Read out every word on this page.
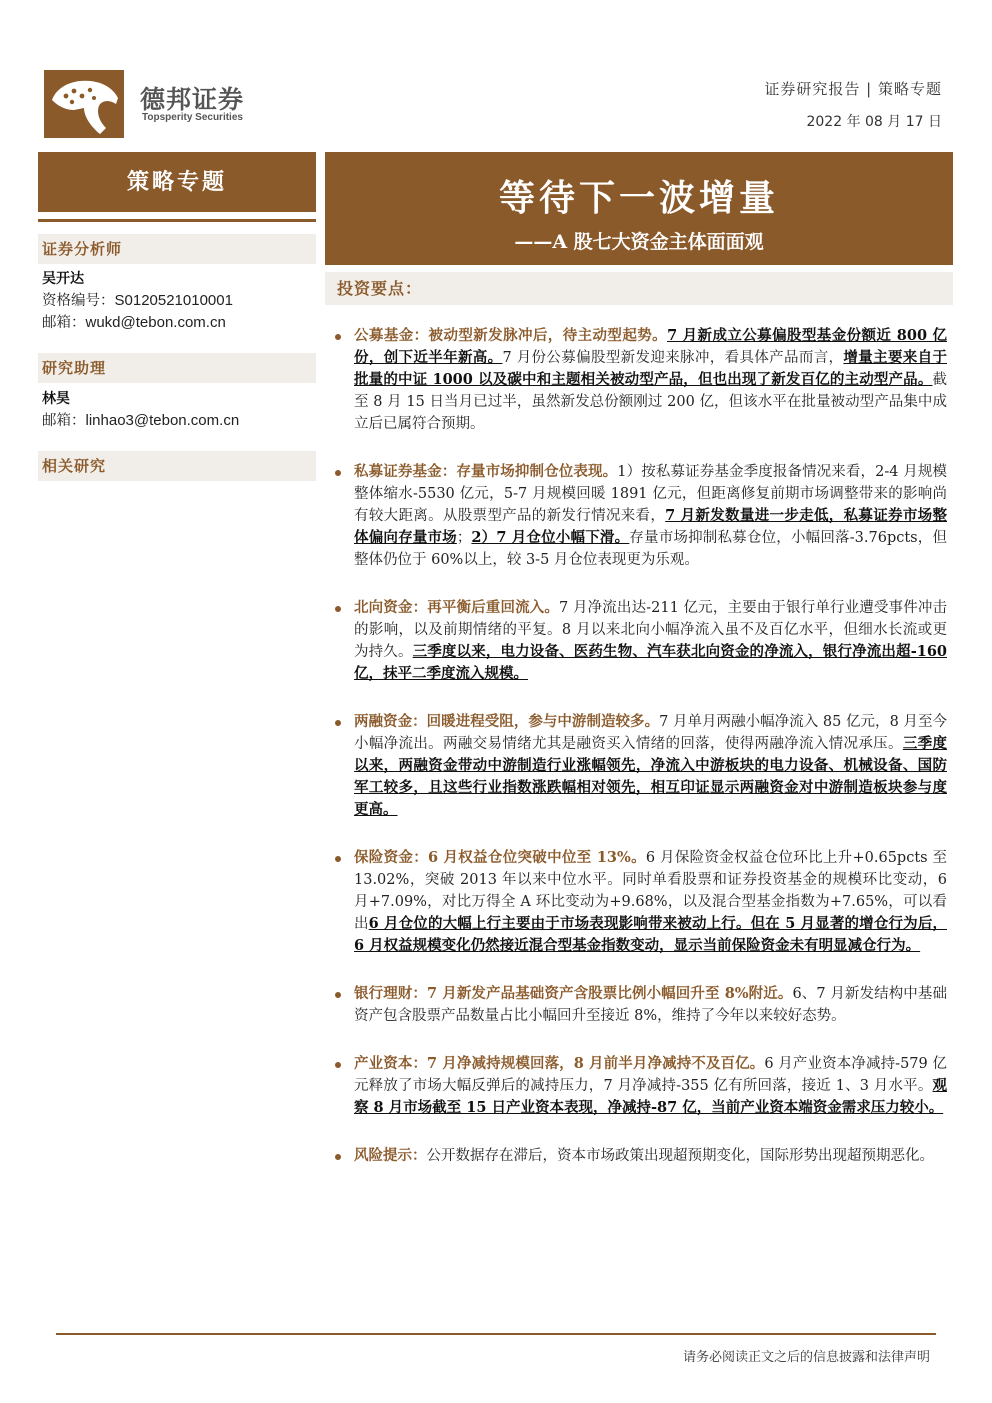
德邦证券
Topsperity Securities
证券研究报告 | 策略专题
2022 年 08 月 17 日
策略专题	等待下一波增量
——A 股七大资金主体面面观
证券分析师
吴开达
资格编号：S0120521010001
邮箱：wukd@tebon.com.cn
研究助理
林昊
邮箱：linhao3@tebon.com.cn
相关研究
投资要点：
公募基金：被动型新发脉冲后，待主动型起势。7 月新成立公募偏股型基金份额近 800 亿份，创下近半年新高。7 月份公募偏股型新发迎来脉冲，看具体产品而言，增量主要来自于批量的中证 1000 以及碳中和主题相关被动型产品，但也出现了新发百亿的主动型产品。截至 8 月 15 日当月已过半，虽然新发总份额刚过 200 亿，但该水平在批量被动型产品集中成立后已属符合预期。
私募证券基金：存量市场抑制仓位表现。1）按私募证券基金季度报备情况来看，2-4 月规模整体缩水-5530 亿元，5-7 月规模回暖 1891 亿元，但距离修复前期市场调整带来的影响尚有较大距离。从股票型产品的新发行情况来看，7 月新发数量进一步走低，私募证券市场整体偏向存量市场；2）7 月仓位小幅下滑。存量市场抑制私募仓位，小幅回落-3.76pcts，但整体仍位于 60%以上，较 3-5 月仓位表现更为乐观。
北向资金：再平衡后重回流入。7 月净流出达-211 亿元，主要由于银行单行业遭受事件冲击的影响，以及前期情绪的平复。8 月以来北向小幅净流入虽不及百亿水平，但细水长流或更为持久。三季度以来，电力设备、医药生物、汽车获北向资金的净流入，银行净流出超-160 亿，抹平二季度流入规模。
两融资金：回暖进程受阻，参与中游制造较多。7 月单月两融小幅净流入 85 亿元，8 月至今小幅净流出。两融交易情绪尤其是融资买入情绪的回落，使得两融净流入情况承压。三季度以来，两融资金带动中游制造行业涨幅领先，净流入中游板块的电力设备、机械设备、国防军工较多，且这些行业指数涨跌幅相对领先，相互印证显示两融资金对中游制造板块参与度更高。
保险资金：6 月权益仓位突破中位至 13%。6 月保险资金权益仓位环比上升+0.65pcts 至 13.02%，突破 2013 年以来中位水平。同时单看股票和证券投资基金的规模环比变动，6 月+7.09%，对比万得全 A 环比变动为+9.68%，以及混合型基金指数为+7.65%，可以看出6 月仓位的大幅上行主要由于市场表现影响带来被动上行。但在 5 月显著的增仓行为后，6 月权益规模变化仍然接近混合型基金指数变动，显示当前保险资金未有明显减仓行为。
银行理财：7 月新发产品基础资产含股票比例小幅回升至 8%附近。6、7 月新发结构中基础资产包含股票产品数量占比小幅回升至接近 8%，维持了今年以来较好态势。
产业资本：7 月净减持规模回落，8 月前半月净减持不及百亿。6 月产业资本净减持-579 亿元释放了市场大幅反弹后的减持压力，7 月净减持-355 亿有所回落，接近 1、3 月水平。观察 8 月市场截至 15 日产业资本表现，净减持-87 亿，当前产业资本端资金需求压力较小。
风险提示：公开数据存在滞后，资本市场政策出现超预期变化，国际形势出现超预期恶化。
请务必阅读正文之后的信息披露和法律声明
